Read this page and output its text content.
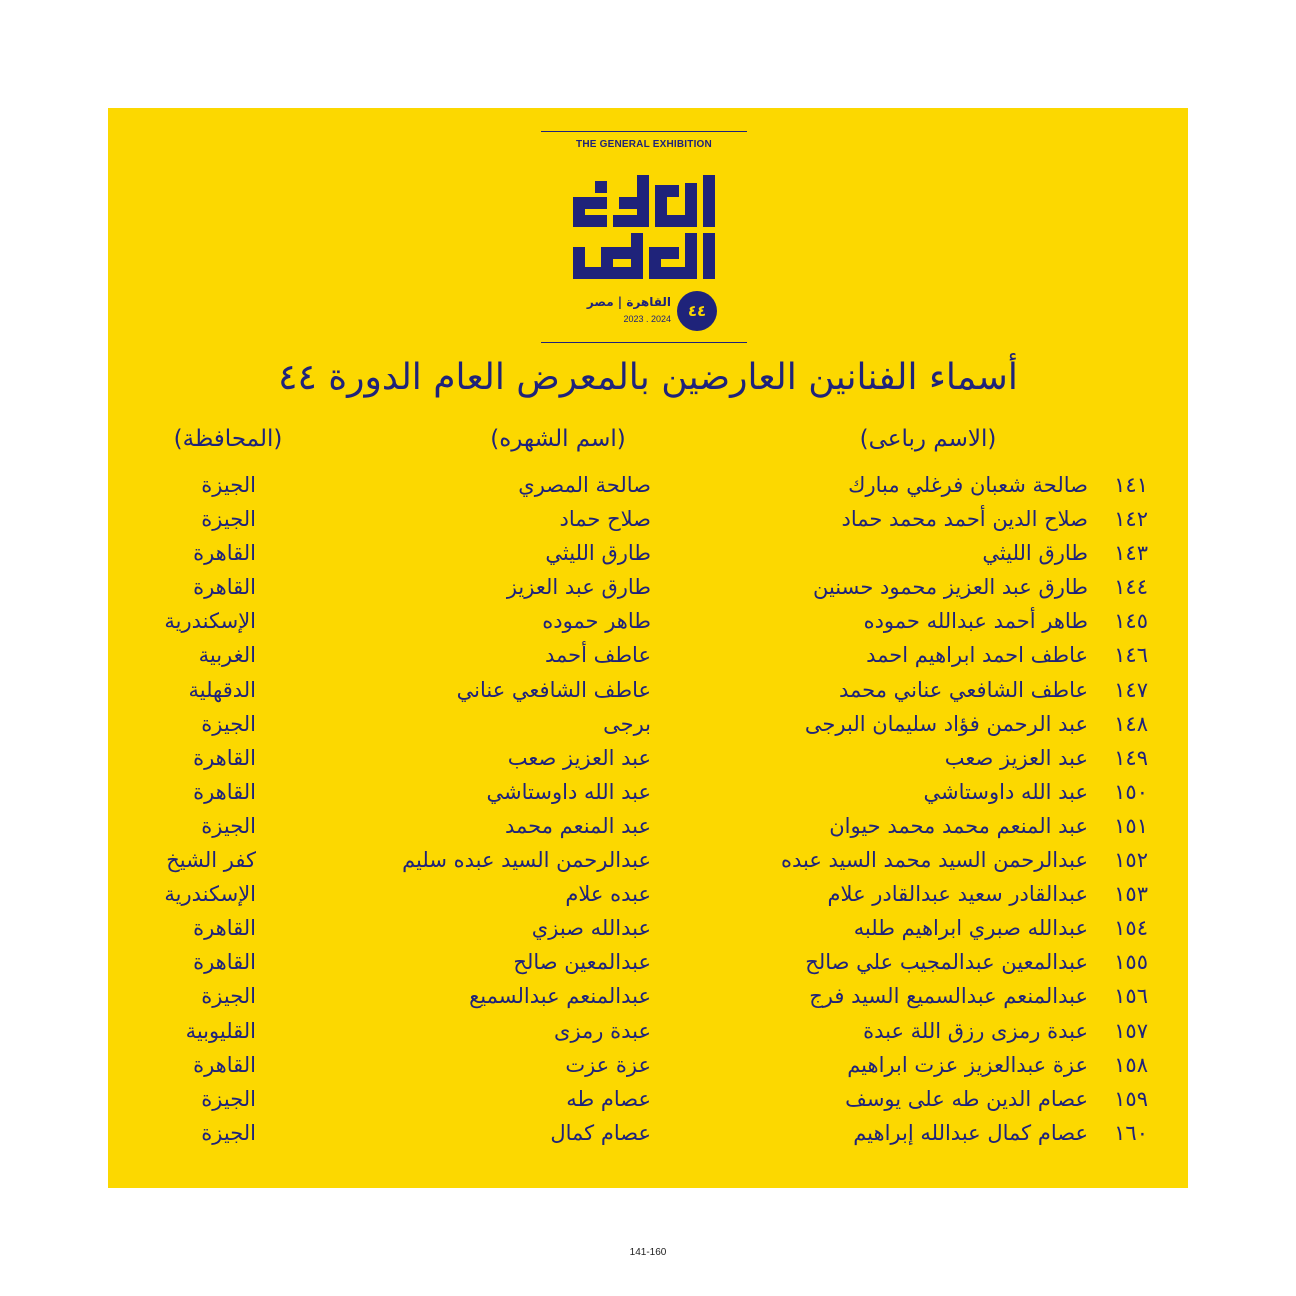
THE GENERAL EXHIBITION
٤٤
القاهرة | مصر
2023 . 2024
أسماء الفنانين العارضين بالمعرض العام الدورة ٤٤
(الاسم رباعى)
(اسم الشهره)
(المحافظة)
١٤١
صالحة شعبان فرغلي مبارك
صالحة المصري
الجيزة
١٤٢
صلاح الدين أحمد محمد حماد
صلاح حماد
الجيزة
١٤٣
طارق الليثي
طارق الليثي
القاهرة
١٤٤
طارق عبد العزيز محمود حسنين
طارق عبد العزيز
القاهرة
١٤٥
طاهر أحمد عبدالله حموده
طاهر حموده
الإسكندرية
١٤٦
عاطف احمد ابراهيم احمد
عاطف أحمد
الغربية
١٤٧
عاطف الشافعي عناني محمد
عاطف الشافعي عناني
الدقهلية
١٤٨
عبد الرحمن فؤاد سليمان البرجى
برجى
الجيزة
١٤٩
عبد العزيز صعب
عبد العزيز صعب
القاهرة
١٥٠
عبد الله داوستاشي
عبد الله داوستاشي
القاهرة
١٥١
عبد المنعم محمد محمد حيوان
عبد المنعم محمد
الجيزة
١٥٢
عبدالرحمن السيد محمد السيد عبده
عبدالرحمن السيد عبده سليم
كفر الشيخ
١٥٣
عبدالقادر سعيد عبدالقادر علام
عبده علام
الإسكندرية
١٥٤
عبدالله صبري ابراهيم طلبه
عبدالله صبزي
القاهرة
١٥٥
عبدالمعين عبدالمجيب علي صالح
عبدالمعين صالح
القاهرة
١٥٦
عبدالمنعم عبدالسميع السيد فرج
عبدالمنعم عبدالسميع
الجيزة
١٥٧
عبدة رمزى رزق اللة عبدة
عبدة رمزى
القليوبية
١٥٨
عزة عبدالعزيز عزت ابراهيم
عزة عزت
القاهرة
١٥٩
عصام الدين طه على يوسف
عصام طه
الجيزة
١٦٠
عصام كمال عبدالله إبراهيم
عصام كمال
الجيزة
141-160
